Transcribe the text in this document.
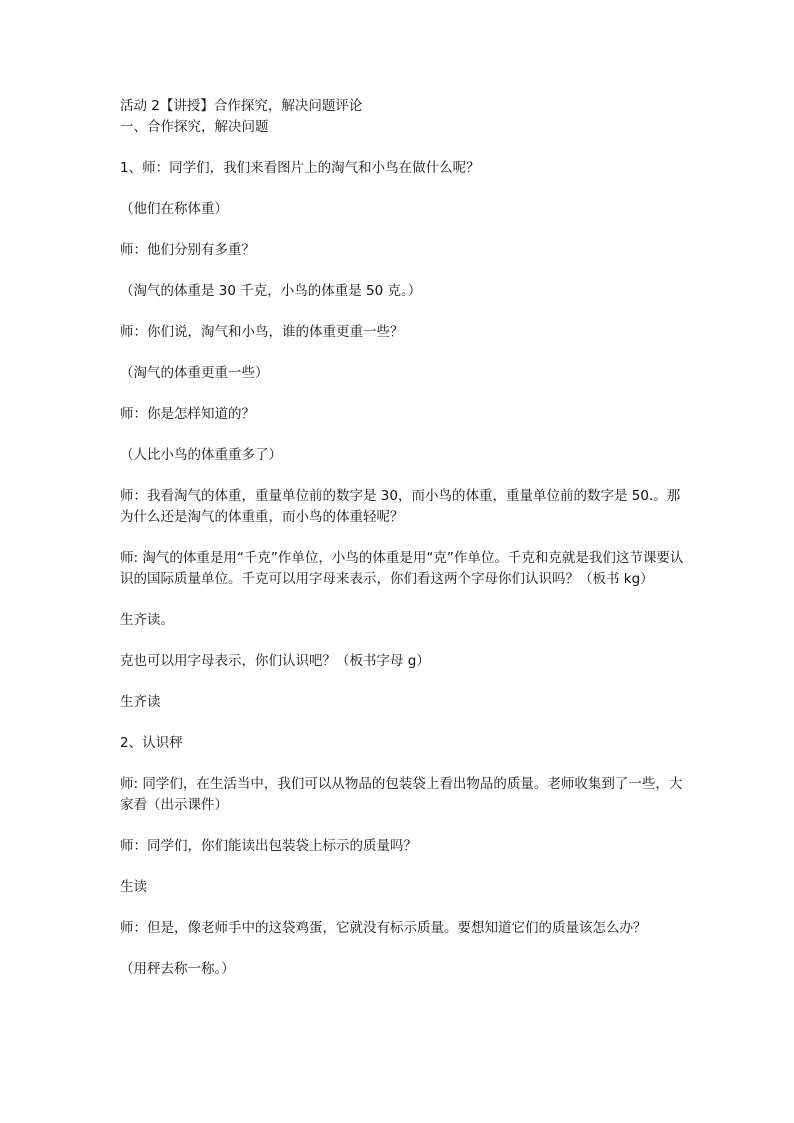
活动 2【讲授】合作探究，解决问题评论
一、合作探究，解决问题

1、师：同学们，我们来看图片上的淘气和小鸟在做什么呢？

（他们在称体重）

师：他们分别有多重？

（淘气的体重是 30 千克，小鸟的体重是 50 克。）

师：你们说，淘气和小鸟，谁的体重更重一些？

（淘气的体重更重一些）

师：你是怎样知道的？

（人比小鸟的体重重多了）

师：我看淘气的体重，重量单位前的数字是 30，而小鸟的体重，重量单位前的数字是 50.。那为什么还是淘气的体重重，而小鸟的体重轻呢？

师: 淘气的体重是用“千克”作单位，小鸟的体重是用“克”作单位。千克和克就是我们这节课要认识的国际质量单位。千克可以用字母来表示，你们看这两个字母你们认识吗？（板书 kg）

生齐读。

克也可以用字母表示，你们认识吧？（板书字母 g）

生齐读

2、认识秤

师: 同学们，在生活当中，我们可以从物品的包装袋上看出物品的质量。老师收集到了一些，大家看（出示课件）

师：同学们，你们能读出包装袋上标示的质量吗？

生读

师：但是，像老师手中的这袋鸡蛋，它就没有标示质量。要想知道它们的质量该怎么办？

（用秤去称一称。）
